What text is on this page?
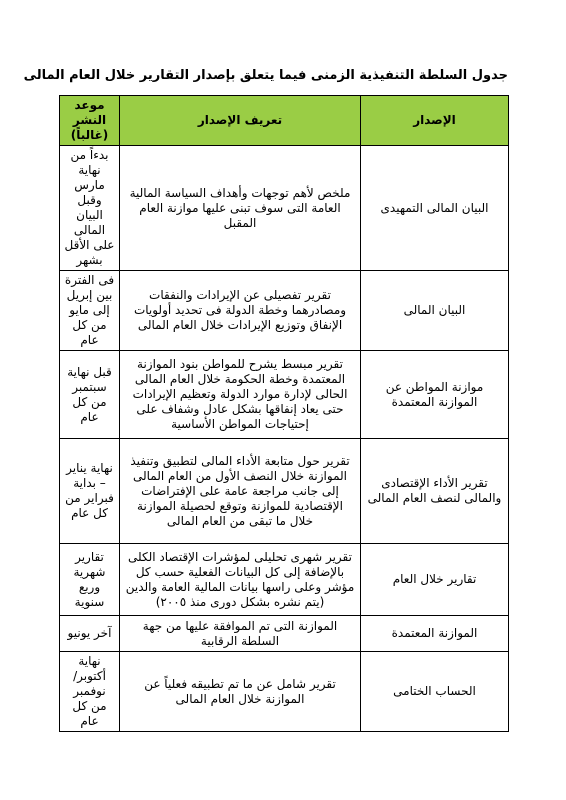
جدول السلطة التنفيذية الزمنى فيما يتعلق بإصدار التقارير خلال العام المالى
الإصدار	تعريف الإصدار	موعد النشر (غالباً)
البيان المالى التمهيدى	ملخص لأهم توجهات وأهداف السياسة المالية العامة التى سوف تبنى عليها موازنة العام المقبل	بدءاً من نهاية مارس وقبل البيان المالى على الأقل بشهر
البيان المالى	تقرير تفصيلى عن الإيرادات والنفقات ومصادرهما وخطة الدولة فى تحديد أولويات الإنفاق وتوزيع الإيرادات خلال العام المالى	فى الفترة بين إبريل إلى مايو من كل عام
موازنة المواطن عن الموازنة المعتمدة	تقرير مبسط يشرح للمواطن بنود الموازنة المعتمدة وخطة الحكومة خلال العام المالى الحالى لإدارة موارد الدولة وتعظيم الإيرادات حتى يعاد إنفاقها بشكل عادل وشفاف على إحتياجات المواطن الأساسية	قبل نهاية سبتمبر من كل عام
تقرير الأداء الإقتصادى والمالى لنصف العام المالى	تقرير حول متابعة الأداء المالى لتطبيق وتنفيذ الموازنة خلال النصف الأول من العام المالى إلى جانب مراجعة عامة على الإفتراضات الإقتصادية للموازنة وتوقع لحصيلة الموازنة خلال ما تبقى من العام المالى	نهاية يناير – بداية فبراير من كل عام
تقارير خلال العام	تقرير شهرى تحليلى لمؤشرات الإقتصاد الكلى بالإضافة إلى كل البيانات الفعلية حسب كل مؤشر وعلى راسها بيانات المالية العامة والدين (يتم نشره بشكل دورى منذ ٢٠٠٥)	تقارير شهرية وربع سنوية
الموازنة المعتمدة	الموازنة التى تم الموافقة عليها من جهة السلطة الرقابية	آخر يونيو
الحساب الختامى	تقرير شامل عن ما تم تطبيقه فعلياً عن الموازنة خلال العام المالى	نهاية أكتوبر/ نوفمبر من كل عام
